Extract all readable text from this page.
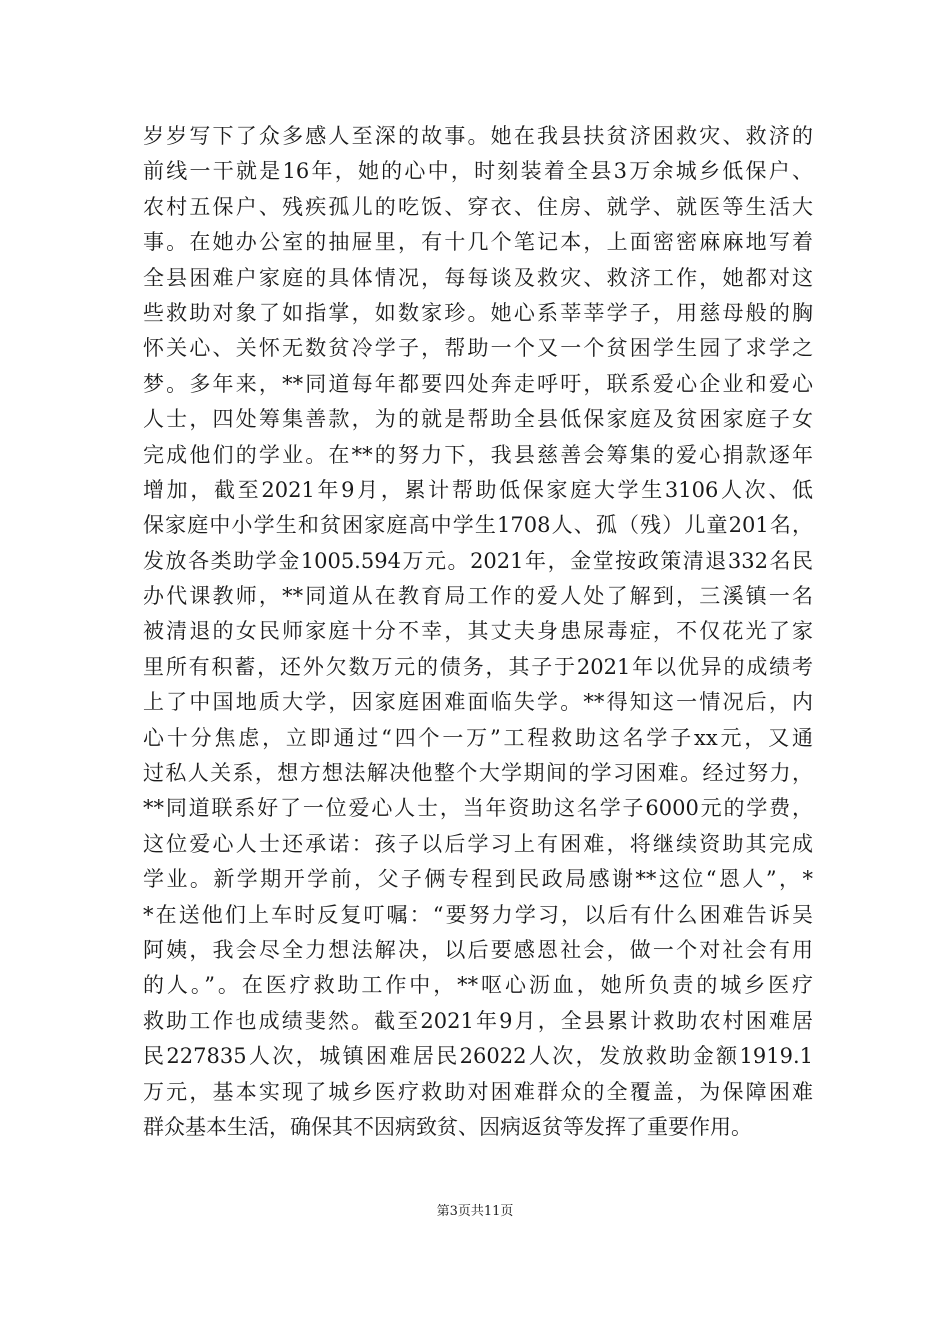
岁岁写下了众多感人至深的故事。她在我县扶贫济困救灾、救济的
前线一干就是16年，她的心中，时刻装着全县3万余城乡低保户、
农村五保户、残疾孤儿的吃饭、穿衣、住房、就学、就医等生活大
事。在她办公室的抽屉里，有十几个笔记本，上面密密麻麻地写着
全县困难户家庭的具体情况，每每谈及救灾、救济工作，她都对这
些救助对象了如指掌，如数家珍。她心系莘莘学子，用慈母般的胸
怀关心、关怀无数贫冷学子，帮助一个又一个贫困学生园了求学之
梦。多年来，**同道每年都要四处奔走呼吁，联系爱心企业和爱心
人士，四处筹集善款，为的就是帮助全县低保家庭及贫困家庭子女
完成他们的学业。在**的努力下，我县慈善会筹集的爱心捐款逐年
增加，截至2021年9月，累计帮助低保家庭大学生3106人次、低
保家庭中小学生和贫困家庭高中学生1708人、孤（残）儿童201名，
发放各类助学金1005.594万元。2021年，金堂按政策清退332名民
办代课教师，**同道从在教育局工作的爱人处了解到，三溪镇一名
被清退的女民师家庭十分不幸，其丈夫身患尿毒症，不仅花光了家
里所有积蓄，还外欠数万元的债务，其子于2021年以优异的成绩考
上了中国地质大学，因家庭困难面临失学。**得知这一情况后，内
心十分焦虑，立即通过“四个一万”工程救助这名学子xx元，又通
过私人关系，想方想法解决他整个大学期间的学习困难。经过努力，
**同道联系好了一位爱心人士，当年资助这名学子6000元的学费，
这位爱心人士还承诺：孩子以后学习上有困难，将继续资助其完成
学业。新学期开学前，父子俩专程到民政局感谢**这位“恩人”，*
*在送他们上车时反复叮嘱：“要努力学习，以后有什么困难告诉吴
阿姨，我会尽全力想法解决，以后要感恩社会，做一个对社会有用
的人。”。在医疗救助工作中，**呕心沥血，她所负责的城乡医疗
救助工作也成绩斐然。截至2021年9月，全县累计救助农村困难居
民227835人次，城镇困难居民26022人次，发放救助金额1919.1
万元，基本实现了城乡医疗救助对困难群众的全覆盖，为保障困难
群众基本生活，确保其不因病致贫、因病返贫等发挥了重要作用。
第3页共11页
